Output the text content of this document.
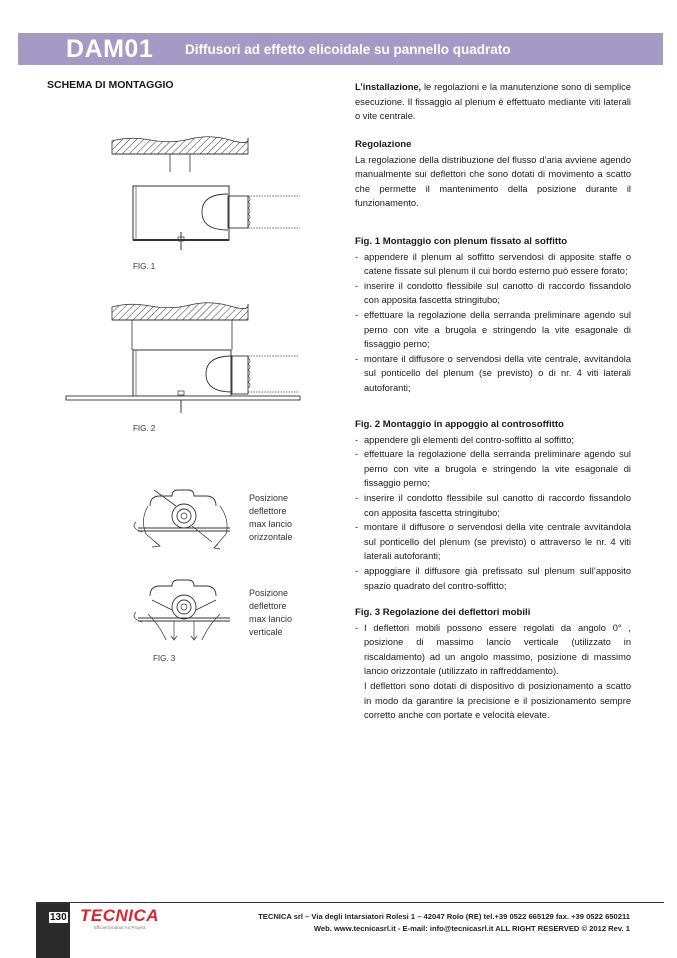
DAM01 Diffusori ad effetto elicoidale su pannello quadrato
SCHEMA DI MONTAGGIO
FIG. 1
FIG. 2
FIG. 3
Posizione
deflettore
max lancio
orizzontale
Posizione
deflettore
max lancio
verticale

L’installazione, le regolazioni e la manutenzione sono di semplice esecuzione. Il fissaggio al plenum è effettuato mediante viti laterali o vite centrale.

Regolazione

La regolazione della distribuzione del flusso d’aria avviene agendo manualmente sui deflettori che sono dotati di movimento a scatto che permette il mantenimento della posizione durante il funzionamento.

Fig. 1 Montaggio con plenum fissato al soffitto

- appendere il plenum al soffitto servendosi di apposite staffe o catene fissate sul plenum il cui bordo esterno può essere forato;
- inserire il condotto flessibile sul canotto di raccordo fissandolo con apposita fascetta stringitubo;
- effettuare la regolazione della serranda preliminare agendo sul perno con vite a brugola e stringendo la vite esagonale di fissaggio perno;
- montare il diffusore o servendosi della vite centrale, avvitandola sul ponticello del plenum (se previsto) o di nr. 4 viti laterali autoforanti;

Fig. 2 Montaggio in appoggio al controsoffitto

- appendere gli elementi del contro-soffitto al soffitto;
- effettuare la regolazione della serranda preliminare agendo sul perno con vite a brugola e stringendo la vite esagonale di fissaggio perno;
- inserire il condotto flessibile sul canotto di raccordo fissandolo con apposita fascetta stringitubo;
- montare il diffusore o servendosi della vite centrale avvitandola sul ponticello del plenum (se previsto) o attraverso le nr. 4 viti laterali autoforanti;
- appoggiare il diffusore già prefissato sul plenum sull’apposito spazio quadrato del contro-soffitto;

Fig. 3 Regolazione dei deflettori mobili

- I deflettori mobili possono essere regolati da angolo 0° , posizione di massimo lancio verticale (utilizzato in riscaldamento) ad un angolo massimo, posizione di massimo lancio orizzontale (utilizzato in raffreddamento).
I deflettori sono dotati di dispositivo di posizionamento a scatto in modo da garantire la precisione e il posizionamento sempre corretto anche con portate e velocità elevate.
130 TECNICA
Efficient indoor Air Project
TECNICA srl – Via degli Intarsiatori Rolesi 1 – 42047 Rolo (RE) tel.+39 0522 665129 fax. +39 0522 650211
Web. www.tecnicasrl.it - E-mail: info@tecnicasrl.it ALL RIGHT RESERVED © 2012 Rev. 1
